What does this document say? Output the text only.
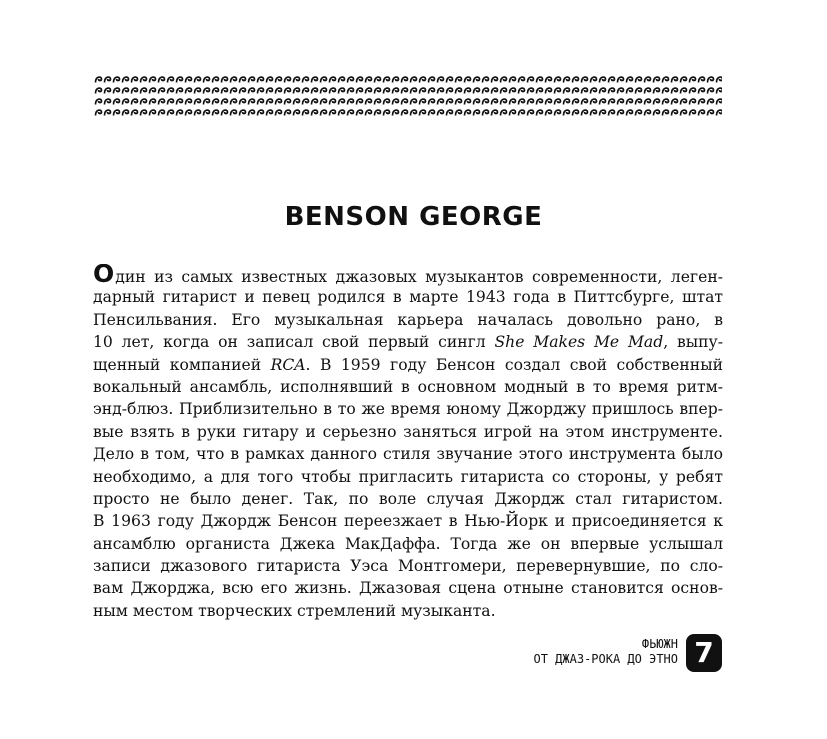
BENSON GEORGE
Один из самых известных джазовых музыкантов современности, леген-
дарный гитарист и певец родился в марте 1943 года в Питтсбурге, штат
Пенсильвания. Его музыкальная карьера началась довольно рано, в
10 лет, когда он записал свой первый сингл She Makes Me Mad, выпу-
щенный компанией RCA. В 1959 году Бенсон создал свой собственный
вокальный ансамбль, исполнявший в основном модный в то время ритм-
энд-блюз. Приблизительно в то же время юному Джорджу пришлось впер-
вые взять в руки гитару и серьезно заняться игрой на этом инструменте.
Дело в том, что в рамках данного стиля звучание этого инструмента было
необходимо, а для того чтобы пригласить гитариста со стороны, у ребят
просто не было денег. Так, по воле случая Джордж стал гитаристом.
В 1963 году Джордж Бенсон переезжает в Нью-Йорк и присоединяется к
ансамблю органиста Джека МакДаффа. Тогда же он впервые услышал
записи джазового гитариста Уэса Монтгомери, перевернувшие, по сло-
вам Джорджа, всю его жизнь. Джазовая сцена отныне становится основ-
ным местом творческих стремлений музыканта.
ФЬЮЖН
ОТ ДЖАЗ-РОКА ДО ЭТНО 7
